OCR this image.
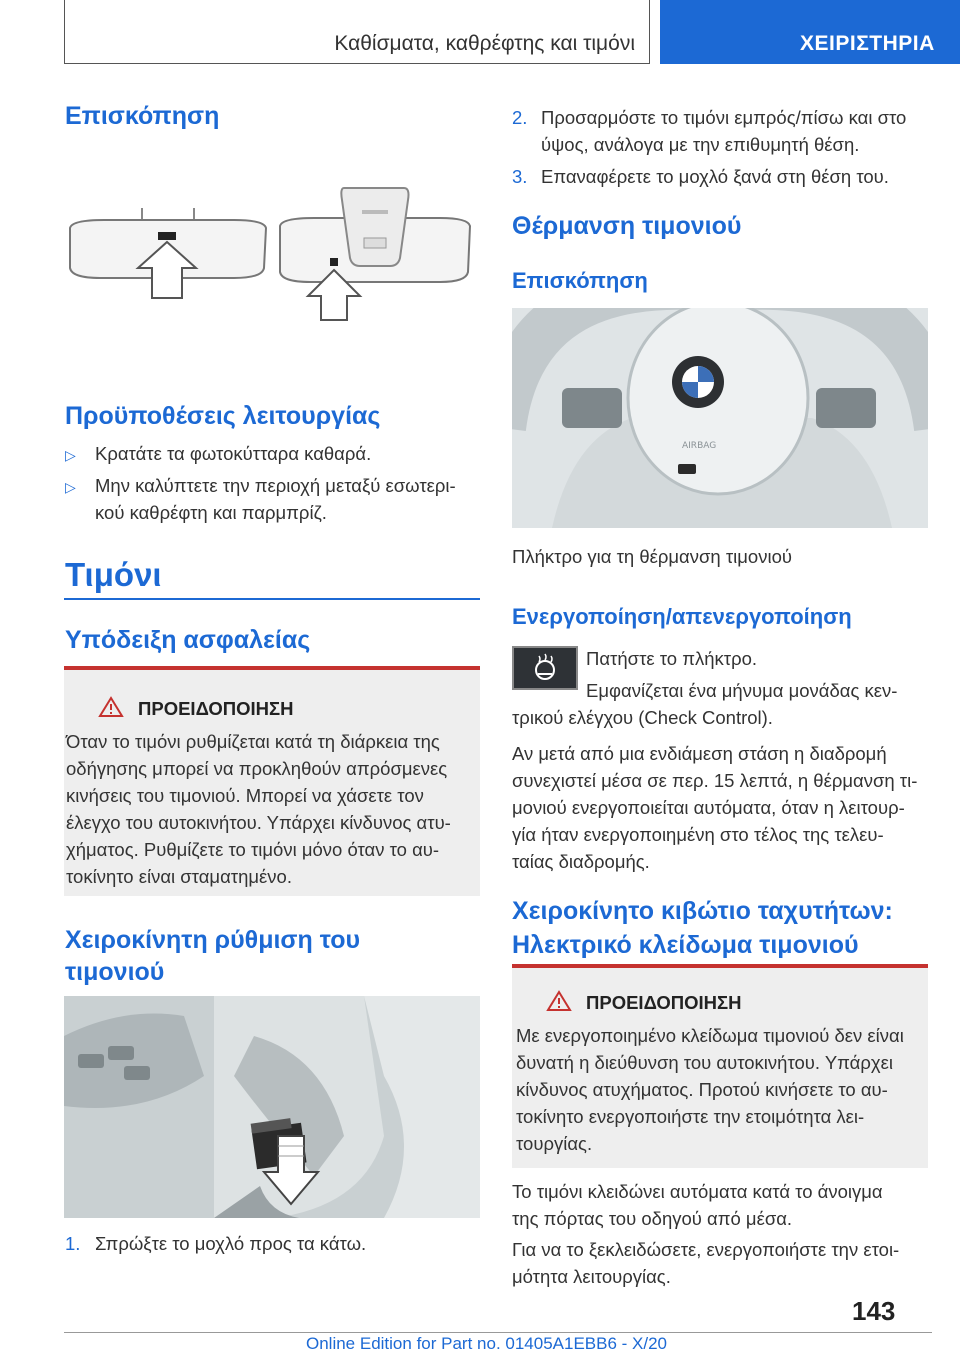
Καθίσματα, καθρέφτης και τιμόνι	ΧΕΙΡΙΣΤΗΡΙΑ
Επισκόπηση
Προϋποθέσεις λειτουργίας
▷ Κρατάτε τα φωτοκύτταρα καθαρά.
▷ Μην καλύπτετε την περιοχή μεταξύ εσωτερι-
κού καθρέφτη και παρμπρίζ.
Τιμόνι
Υπόδειξη ασφαλείας
ΠΡΟΕΙΔΟΠΟΙΗΣΗ
Όταν το τιμόνι ρυθμίζεται κατά τη διάρκεια της
οδήγησης μπορεί να προκληθούν απρόσμενες
κινήσεις του τιμονιού. Μπορεί να χάσετε τον
έλεγχο του αυτοκινήτου. Υπάρχει κίνδυνος ατυ-
χήματος. Ρυθμίζετε το τιμόνι μόνο όταν το αυ-
τοκίνητο είναι σταματημένο.
Χειροκίνητη ρύθμιση του
τιμονιού
1. Σπρώξτε το μοχλό προς τα κάτω.
2. Προσαρμόστε το τιμόνι εμπρός/πίσω και στο
ύψος, ανάλογα με την επιθυμητή θέση.
3. Επαναφέρετε το μοχλό ξανά στη θέση του.
Θέρμανση τιμονιού
Επισκόπηση
AIRBAG
Πλήκτρο για τη θέρμανση τιμονιού
Ενεργοποίηση/απενεργοποίηση
Πατήστε το πλήκτρο.
Εμφανίζεται ένα μήνυμα μονάδας κεν-
τρικού ελέγχου (Check Control).
Αν μετά από μια ενδιάμεση στάση η διαδρομή
συνεχιστεί μέσα σε περ. 15 λεπτά, η θέρμανση τι-
μονιού ενεργοποιείται αυτόματα, όταν η λειτουρ-
γία ήταν ενεργοποιημένη στο τέλος της τελευ-
ταίας διαδρομής.
Χειροκίνητο κιβώτιο ταχυτήτων:
Ηλεκτρικό κλείδωμα τιμονιού
ΠΡΟΕΙΔΟΠΟΙΗΣΗ
Με ενεργοποιημένο κλείδωμα τιμονιού δεν είναι
δυνατή η διεύθυνση του αυτοκινήτου. Υπάρχει
κίνδυνος ατυχήματος. Προτού κινήσετε το αυ-
τοκίνητο ενεργοποιήστε την ετοιμότητα λει-
τουργίας.
Το τιμόνι κλειδώνει αυτόματα κατά το άνοιγμα
της πόρτας του οδηγού από μέσα.
Για να το ξεκλειδώσετε, ενεργοποιήστε την ετοι-
μότητα λειτουργίας.
143
Online Edition for Part no. 01405A1EBB6 - X/20
